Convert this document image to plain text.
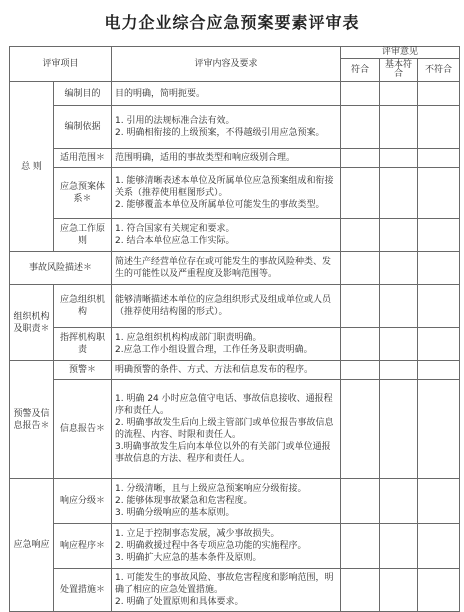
电力企业综合应急预案要素评审表
评审项目		评审内容及要求	评审意见		
			符合	基本符合	不符合
总 则	编制目的	目的明确，简明扼要。			

	编制依据	1. 引用的法规标准合法有效。
2. 明确相衔接的上级预案，不得越级引用应急预案。			

	适用范围＊	范围明确，适用的事故类型和响应级别合理。			

	应急预案体系＊	1. 能够清晰表述本单位及所属单位应急预案组成和衔接关系（推荐使用框图形式）。
2. 能够覆盖本单位及所属单位可能发生的事故类型。			

	应急工作原则	1. 符合国家有关规定和要求。
2. 结合本单位应急工作实际。			

事故风险描述＊		简述生产经营单位存在或可能发生的事故风险种类、发生的可能性以及严重程度及影响范围等。			

组织机构及职责＊	应急组织机构	能够清晰描述本单位的应急组织形式及组成单位或人员（推荐使用结构图的形式）。			

	指挥机构职责	1. 应急组织机构构成部门职责明确。
2.应急工作小组设置合理，工作任务及职责明确。			

预警及信息报告＊	预警＊	明确预警的条件、方式、方法和信息发布的程序。			

	信息报告＊	1. 明确 24 小时应急值守电话、事故信息接收、通报程序和责任人。
2. 明确事故发生后向上级主管部门或单位报告事故信息的流程、内容、时限和责任人。
3.明确事故发生后向本单位以外的有关部门或单位通报事故信息的方法、程序和责任人。			

应急响应	响应分级＊	1. 分级清晰，且与上级应急预案响应分级衔接。
2. 能够体现事故紧急和危害程度。
3. 明确分级响应的基本原则。			

	响应程序＊	1. 立足于控制事态发展，减少事故损失。
2. 明确救援过程中各专项应急功能的实施程序。
3. 明确扩大应急的基本条件及原则。			

	处置措施＊	1. 可能发生的事故风险、事故危害程度和影响范围，明确了相应的应急处置措施。
2. 明确了处置原则和具体要求。			
